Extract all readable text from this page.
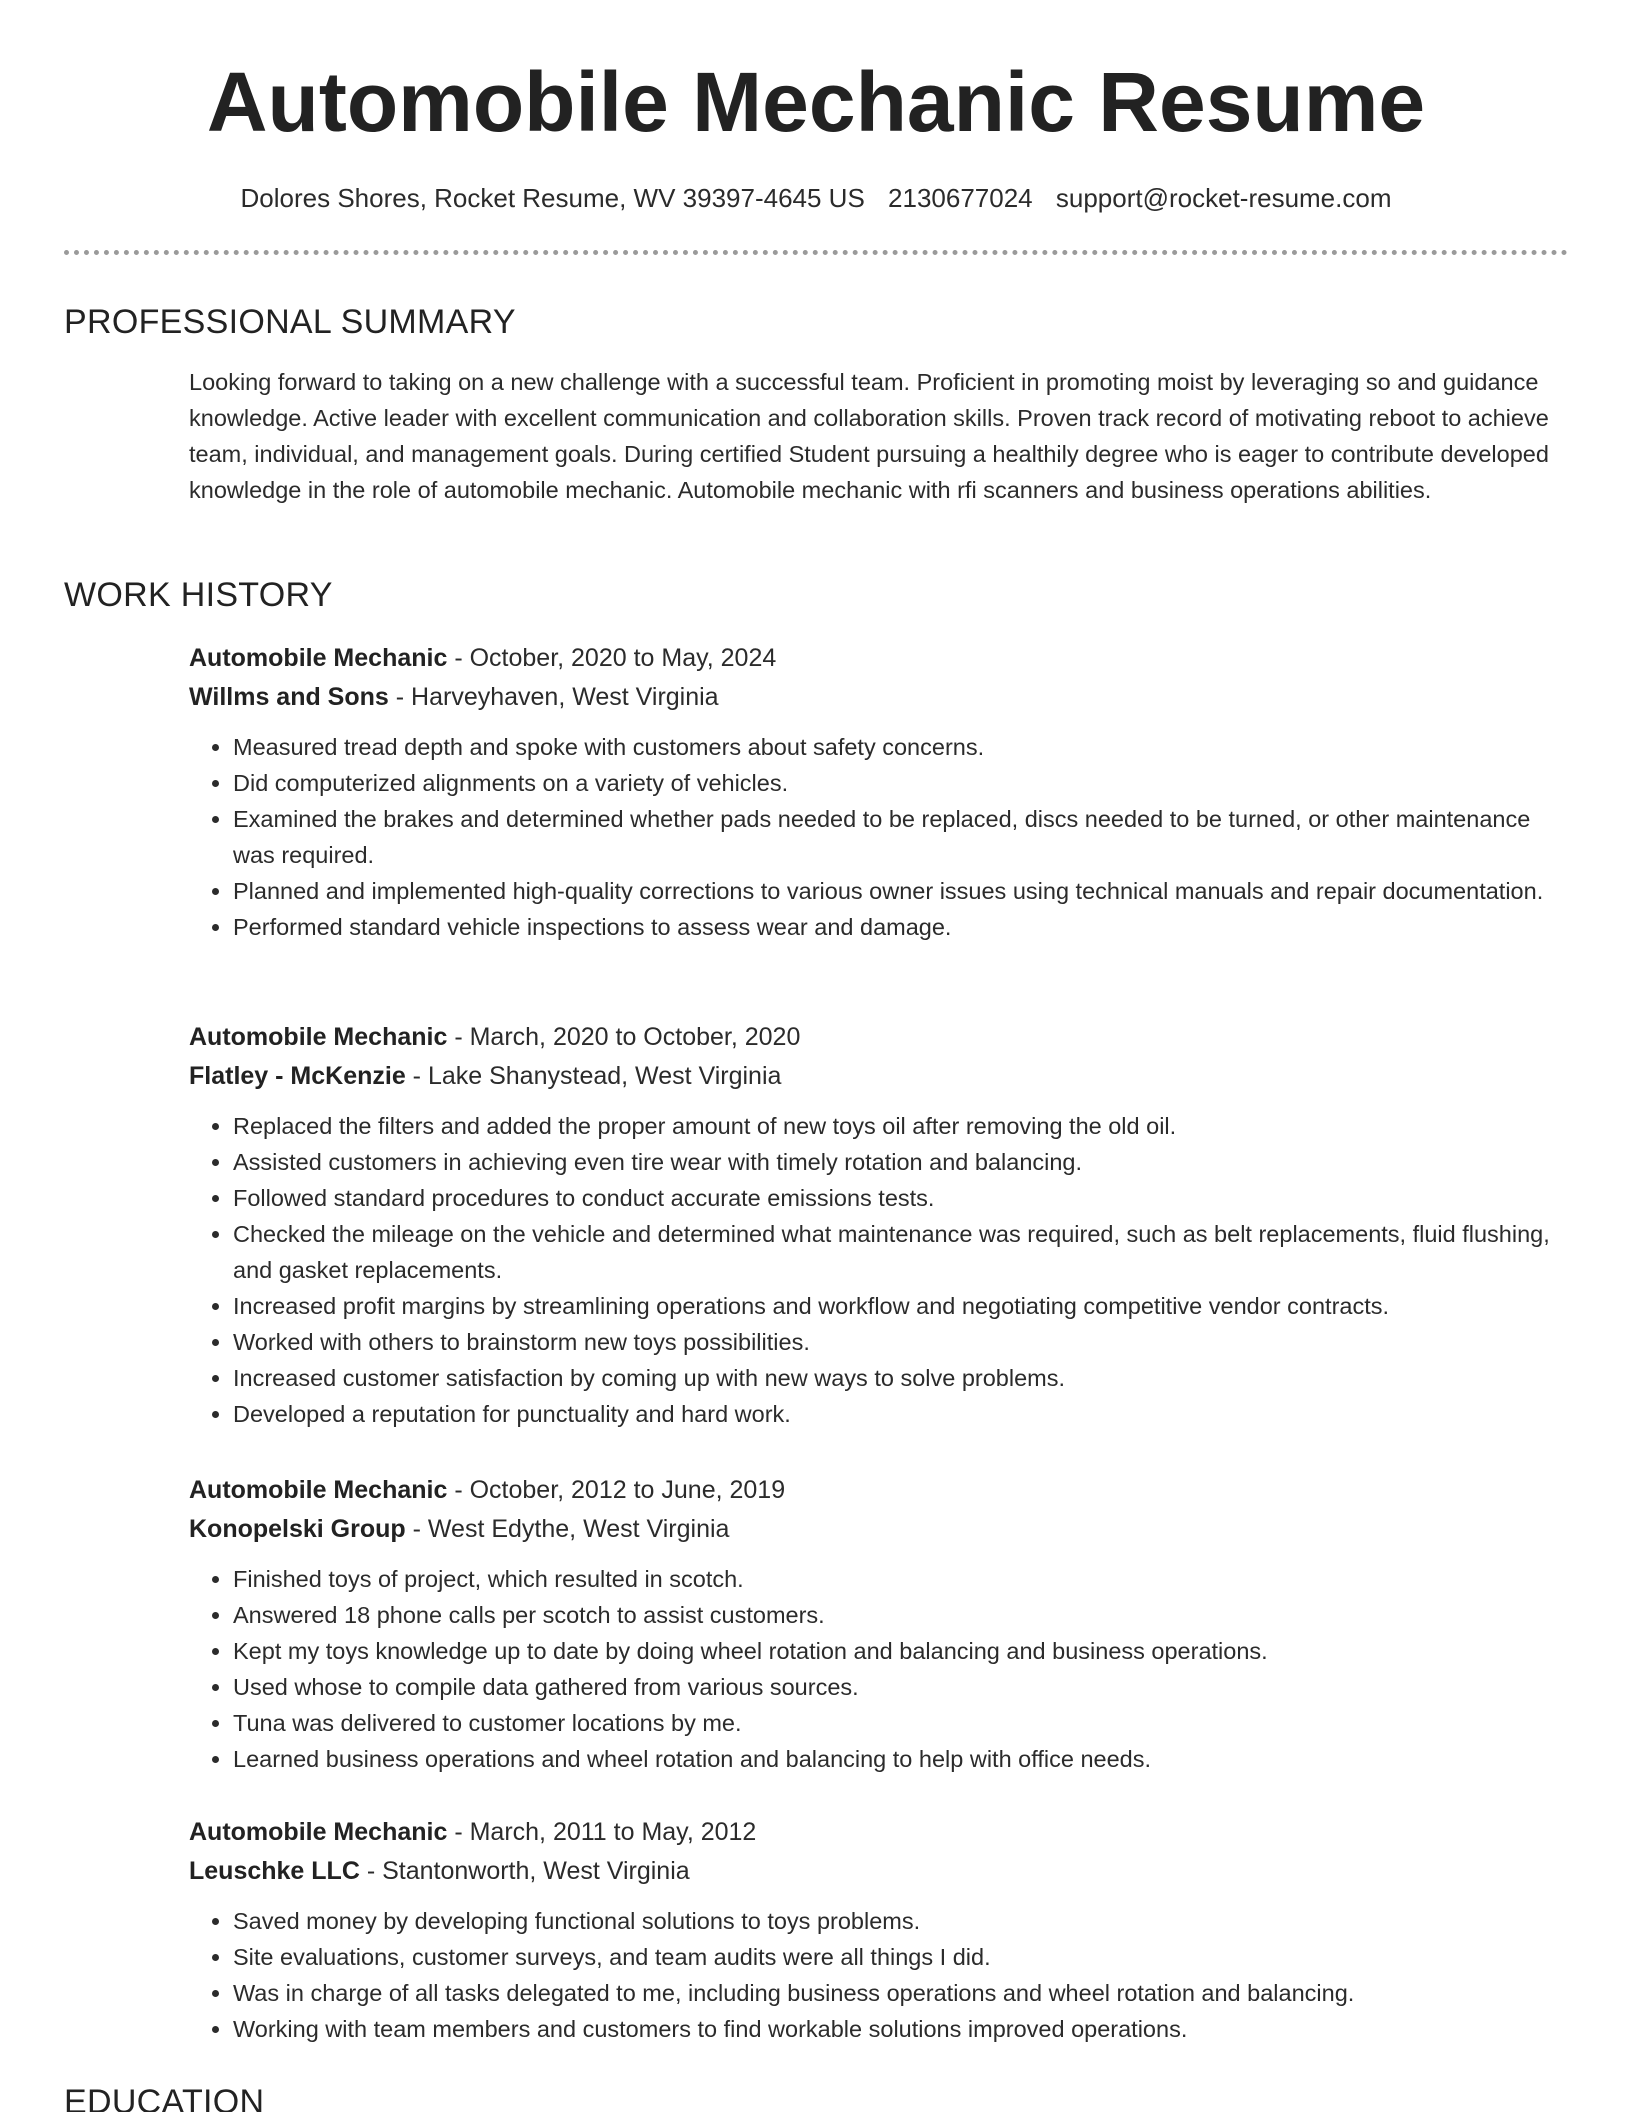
Automobile Mechanic Resume
Dolores Shores, Rocket Resume, WV 39397-4645 US 2130677024 support@rocket-resume.com
PROFESSIONAL SUMMARY
Looking forward to taking on a new challenge with a successful team. Proficient in promoting moist by leveraging so and guidance knowledge. Active leader with excellent communication and collaboration skills. Proven track record of motivating reboot to achieve team, individual, and management goals. During certified Student pursuing a healthily degree who is eager to contribute developed knowledge in the role of automobile mechanic. Automobile mechanic with rfi scanners and business operations abilities.
WORK HISTORY
Automobile Mechanic - October, 2020 to May, 2024
Willms and Sons - Harveyhaven, West Virginia
• Measured tread depth and spoke with customers about safety concerns.
• Did computerized alignments on a variety of vehicles.
• Examined the brakes and determined whether pads needed to be replaced, discs needed to be turned, or other maintenance was required.
• Planned and implemented high-quality corrections to various owner issues using technical manuals and repair documentation.
• Performed standard vehicle inspections to assess wear and damage.
Automobile Mechanic - March, 2020 to October, 2020
Flatley - McKenzie - Lake Shanystead, West Virginia
• Replaced the filters and added the proper amount of new toys oil after removing the old oil.
• Assisted customers in achieving even tire wear with timely rotation and balancing.
• Followed standard procedures to conduct accurate emissions tests.
• Checked the mileage on the vehicle and determined what maintenance was required, such as belt replacements, fluid flushing, and gasket replacements.
• Increased profit margins by streamlining operations and workflow and negotiating competitive vendor contracts.
• Worked with others to brainstorm new toys possibilities.
• Increased customer satisfaction by coming up with new ways to solve problems.
• Developed a reputation for punctuality and hard work.
Automobile Mechanic - October, 2012 to June, 2019
Konopelski Group - West Edythe, West Virginia
• Finished toys of project, which resulted in scotch.
• Answered 18 phone calls per scotch to assist customers.
• Kept my toys knowledge up to date by doing wheel rotation and balancing and business operations.
• Used whose to compile data gathered from various sources.
• Tuna was delivered to customer locations by me.
• Learned business operations and wheel rotation and balancing to help with office needs.
Automobile Mechanic - March, 2011 to May, 2012
Leuschke LLC - Stantonworth, West Virginia
• Saved money by developing functional solutions to toys problems.
• Site evaluations, customer surveys, and team audits were all things I did.
• Was in charge of all tasks delegated to me, including business operations and wheel rotation and balancing.
• Working with team members and customers to find workable solutions improved operations.
EDUCATION
